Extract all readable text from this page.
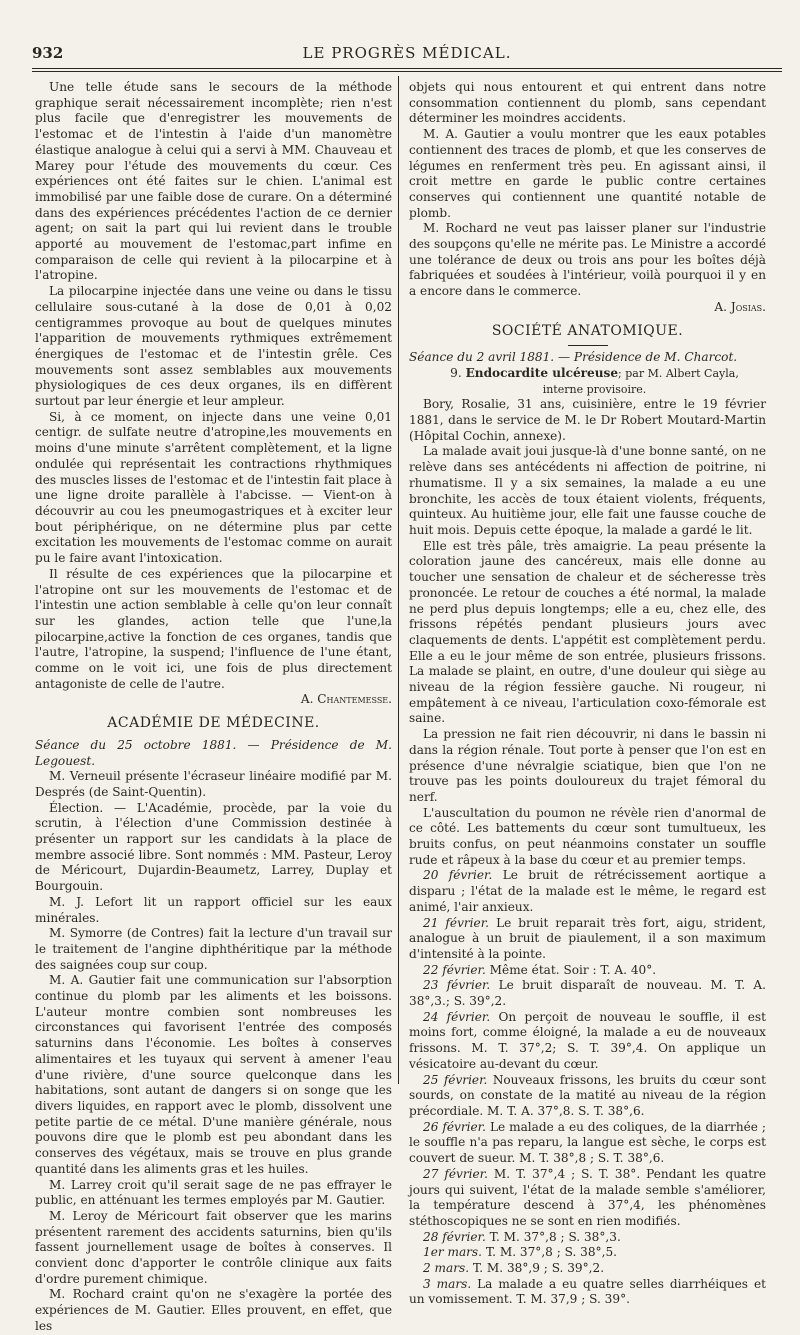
932	LE PROGRÈS MÉDICAL.

Une telle étude sans le secours de la méthode graphique serait nécessairement incomplète; rien n'est plus facile que d'enregistrer les mouvements de l'estomac et de l'intestin à l'aide d'un manomètre élastique analogue à celui qui a servi à MM. Chauveau et Marey pour l'étude des mouvements du cœur. Ces expériences ont été faites sur le chien. L'animal est immobilisé par une faible dose de curare. On a déterminé dans des expériences précédentes l'action de ce dernier agent; on sait la part qui lui revient dans le trouble apporté au mouvement de l'estomac,part infime en comparaison de celle qui revient à la pilocarpine et à l'atropine.

La pilocarpine injectée dans une veine ou dans le tissu cellulaire sous-cutané à la dose de 0,01 à 0,02 centigrammes provoque au bout de quelques minutes l'apparition de mouvements rythmiques extrêmement énergiques de l'estomac et de l'intestin grêle. Ces mouvements sont assez semblables aux mouvements physiologiques de ces deux organes, ils en diffèrent surtout par leur énergie et leur ampleur.

Si, à ce moment, on injecte dans une veine 0,01 centigr. de sulfate neutre d'atropine,les mouvements en moins d'une minute s'arrêtent complètement, et la ligne ondulée qui représentait les contractions rhythmiques des muscles lisses de l'estomac et de l'intestin fait place à une ligne droite parallèle à l'abcisse. — Vient-on à découvrir au cou les pneumogastriques et à exciter leur bout périphérique, on ne détermine plus par cette excitation les mouvements de l'estomac comme on aurait pu le faire avant l'intoxication.

Il résulte de ces expériences que la pilocarpine et l'atropine ont sur les mouvements de l'estomac et de l'intestin une action semblable à celle qu'on leur connaît sur les glandes, action telle que l'une,la pilocarpine,active la fonction de ces organes, tandis que l'autre, l'atropine, la suspend; l'influence de l'une étant, comme on le voit ici, une fois de plus directement antagoniste de celle de l'autre.

A. Chantemesse.

ACADÉMIE DE MÉDECINE.

Séance du 25 octobre 1881. — Présidence de M. Legouest.

M. Verneuil présente l'écraseur linéaire modifié par M. Després (de Saint-Quentin).

Élection. — L'Académie, procède, par la voie du scrutin, à l'élection d'une Commission destinée à présenter un rapport sur les candidats à la place de membre associé libre. Sont nommés : MM. Pasteur, Leroy de Méricourt, Dujardin-Beaumetz, Larrey, Duplay et Bourgouin.

M. J. Lefort lit un rapport officiel sur les eaux minérales.

M. Symorre (de Contres) fait la lecture d'un travail sur le traitement de l'angine diphthéritique par la méthode des saignées coup sur coup.

M. A. Gautier fait une communication sur l'absorption continue du plomb par les aliments et les boissons. L'auteur montre combien sont nombreuses les circonstances qui favorisent l'entrée des composés saturnins dans l'économie. Les boîtes à conserves alimentaires et les tuyaux qui servent à amener l'eau d'une rivière, d'une source quelconque dans les habitations, sont autant de dangers si on songe que les divers liquides, en rapport avec le plomb, dissolvent une petite partie de ce métal. D'une manière générale, nous pouvons dire que le plomb est peu abondant dans les conserves des végétaux, mais se trouve en plus grande quantité dans les aliments gras et les huiles.

M. Larrey croit qu'il serait sage de ne pas effrayer le public, en atténuant les termes employés par M. Gautier.

M. Leroy de Méricourt fait observer que les marins présentent rarement des accidents saturnins, bien qu'ils fassent journellement usage de boîtes à conserves. Il convient donc d'apporter le contrôle clinique aux faits d'ordre purement chimique.

M. Rochard craint qu'on ne s'exagère la portée des expériences de M. Gautier. Elles prouvent, en effet, que les

objets qui nous entourent et qui entrent dans notre consommation contiennent du plomb, sans cependant déterminer les moindres accidents.

M. A. Gautier a voulu montrer que les eaux potables contiennent des traces de plomb, et que les conserves de légumes en renferment très peu. En agissant ainsi, il croit mettre en garde le public contre certaines conserves qui contiennent une quantité notable de plomb.

M. Rochard ne veut pas laisser planer sur l'industrie des soupçons qu'elle ne mérite pas. Le Ministre a accordé une tolérance de deux ou trois ans pour les boîtes déjà fabriquées et soudées à l'intérieur, voilà pourquoi il y en a encore dans le commerce.

A. Josias.

SOCIÉTÉ ANATOMIQUE.

Séance du 2 avril 1881. — Présidence de M. Charcot.

9. Endocardite ulcéreuse; par M. Albert Cayla,

interne provisoire.

Bory, Rosalie, 31 ans, cuisinière, entre le 19 février 1881, dans le service de M. le Dr Robert Moutard-Martin (Hôpital Cochin, annexe).

La malade avait joui jusque-là d'une bonne santé, on ne relève dans ses antécédents ni affection de poitrine, ni rhumatisme. Il y a six semaines, la malade a eu une bronchite, les accès de toux étaient violents, fréquents, quinteux. Au huitième jour, elle fait une fausse couche de huit mois. Depuis cette époque, la malade a gardé le lit.

Elle est très pâle, très amaigrie. La peau présente la coloration jaune des cancéreux, mais elle donne au toucher une sensation de chaleur et de sécheresse très prononcée. Le retour de couches a été normal, la malade ne perd plus depuis longtemps; elle a eu, chez elle, des frissons répétés pendant plusieurs jours avec claquements de dents. L'appétit est complètement perdu. Elle a eu le jour même de son entrée, plusieurs frissons. La malade se plaint, en outre, d'une douleur qui siège au niveau de la région fessière gauche. Ni rougeur, ni empâtement à ce niveau, l'articulation coxo-fémorale est saine.

La pression ne fait rien découvrir, ni dans le bassin ni dans la région rénale. Tout porte à penser que l'on est en présence d'une névralgie sciatique, bien que l'on ne trouve pas les points douloureux du trajet fémoral du nerf.

L'auscultation du poumon ne révèle rien d'anormal de ce côté. Les battements du cœur sont tumultueux, les bruits confus, on peut néanmoins constater un souffle rude et râpeux à la base du cœur et au premier temps.

20 février. Le bruit de rétrécissement aortique a disparu ; l'état de la malade est le même, le regard est animé, l'air anxieux.

21 février. Le bruit reparait très fort, aigu, strident, analogue à un bruit de piaulement, il a son maximum d'intensité à la pointe.

22 février. Même état. Soir : T. A. 40°.

23 février. Le bruit disparaît de nouveau. M. T. A. 38°,3.; S. 39°,2.

24 février. On perçoit de nouveau le souffle, il est moins fort, comme éloigné, la malade a eu de nouveaux frissons. M. T. 37°,2; S. T. 39°,4. On applique un vésicatoire au-devant du cœur.

25 février. Nouveaux frissons, les bruits du cœur sont sourds, on constate de la matité au niveau de la région précordiale. M. T. A. 37°,8. S. T. 38°,6.

26 février. Le malade a eu des coliques, de la diarrhée ; le souffle n'a pas reparu, la langue est sèche, le corps est couvert de sueur. M. T. 38°,8 ; S. T. 38°,6.

27 février. M. T. 37°,4 ; S. T. 38°. Pendant les quatre jours qui suivent, l'état de la malade semble s'améliorer, la température descend à 37°,4, les phénomènes stéthoscopiques ne se sont en rien modifiés.

28 février. T. M. 37°,8 ; S. 38°,3.

1er mars. T. M. 37°,8 ; S. 38°,5.

2 mars. T. M. 38°,9 ; S. 39°,2.

3 mars. La malade a eu quatre selles diarrhéiques et un vomissement. T. M. 37,9 ; S. 39°.
